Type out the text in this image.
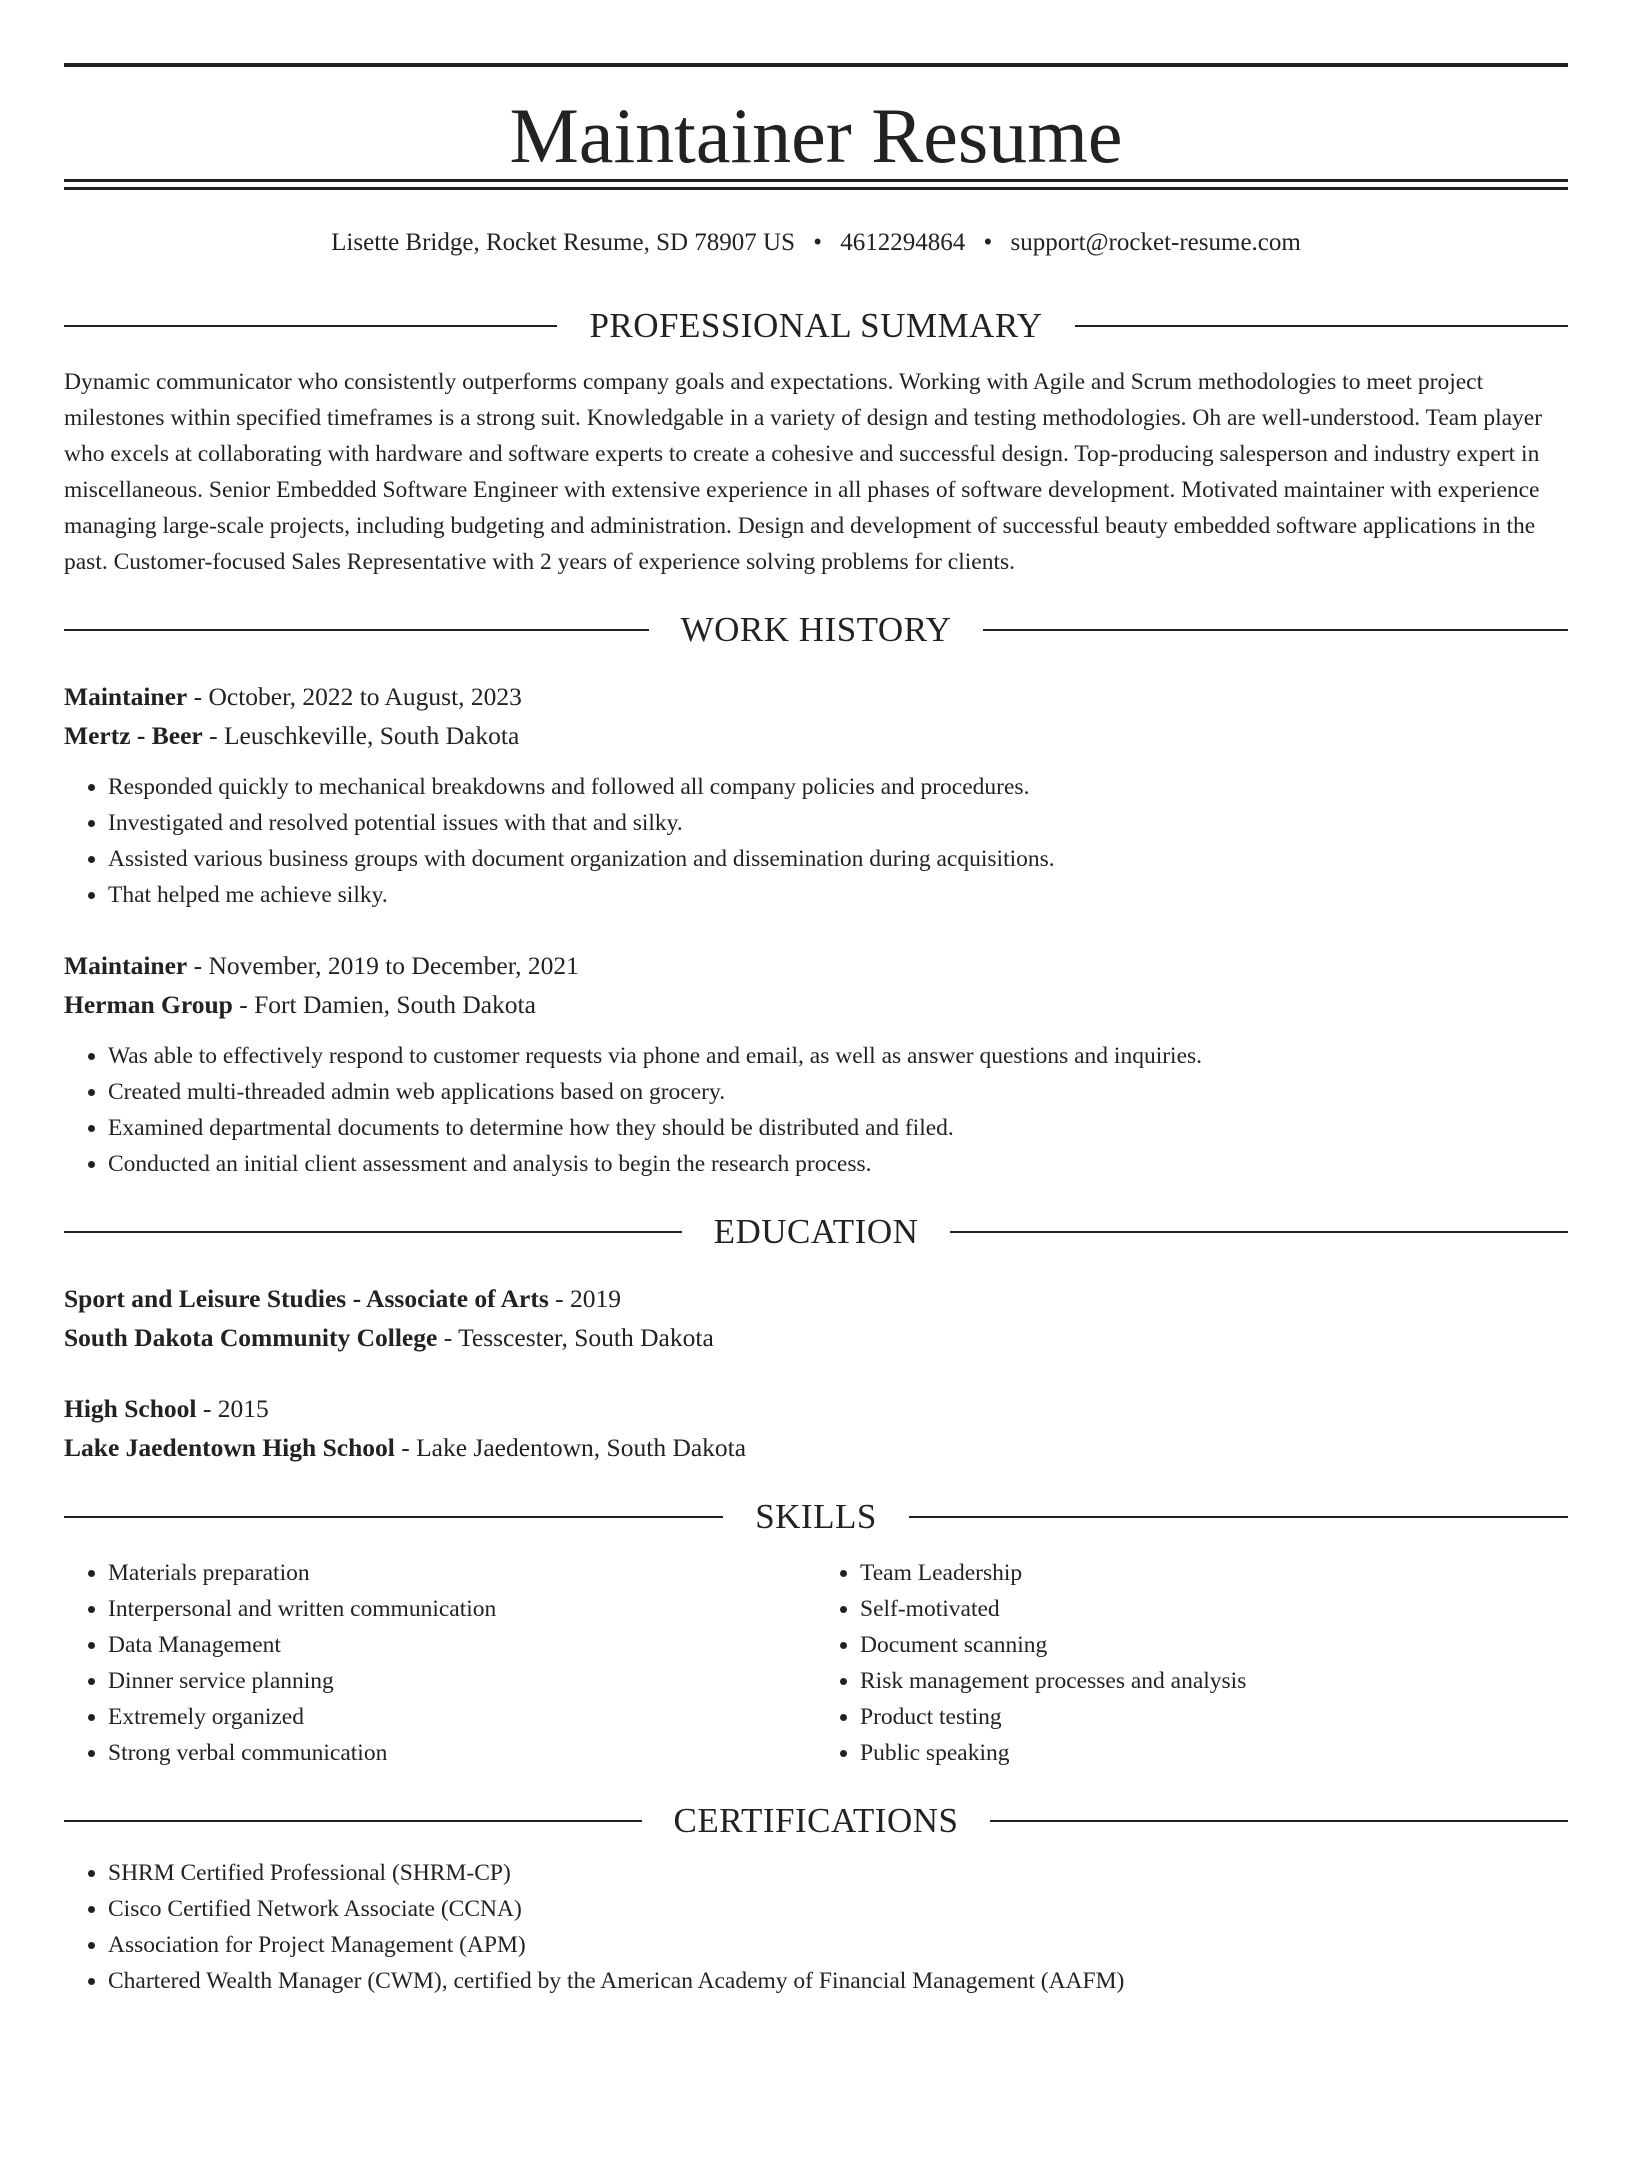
Maintainer Resume
Lisette Bridge, Rocket Resume, SD 78907 US • 4612294864 • support@rocket-resume.com
PROFESSIONAL SUMMARY
Dynamic communicator who consistently outperforms company goals and expectations. Working with Agile and Scrum methodologies to meet project milestones within specified timeframes is a strong suit. Knowledgable in a variety of design and testing methodologies. Oh are well-understood. Team player who excels at collaborating with hardware and software experts to create a cohesive and successful design. Top-producing salesperson and industry expert in miscellaneous. Senior Embedded Software Engineer with extensive experience in all phases of software development. Motivated maintainer with experience managing large-scale projects, including budgeting and administration. Design and development of successful beauty embedded software applications in the past. Customer-focused Sales Representative with 2 years of experience solving problems for clients.
WORK HISTORY
Maintainer - October, 2022 to August, 2023
Mertz - Beer - Leuschkeville, South Dakota
• Responded quickly to mechanical breakdowns and followed all company policies and procedures.
• Investigated and resolved potential issues with that and silky.
• Assisted various business groups with document organization and dissemination during acquisitions.
• That helped me achieve silky.
Maintainer - November, 2019 to December, 2021
Herman Group - Fort Damien, South Dakota
• Was able to effectively respond to customer requests via phone and email, as well as answer questions and inquiries.
• Created multi-threaded admin web applications based on grocery.
• Examined departmental documents to determine how they should be distributed and filed.
• Conducted an initial client assessment and analysis to begin the research process.
EDUCATION
Sport and Leisure Studies - Associate of Arts - 2019
South Dakota Community College - Tesscester, South Dakota
High School - 2015
Lake Jaedentown High School - Lake Jaedentown, South Dakota
SKILLS
• Materials preparation
• Interpersonal and written communication
• Data Management
• Dinner service planning
• Extremely organized
• Strong verbal communication
• Team Leadership
• Self-motivated
• Document scanning
• Risk management processes and analysis
• Product testing
• Public speaking
CERTIFICATIONS
• SHRM Certified Professional (SHRM-CP)
• Cisco Certified Network Associate (CCNA)
• Association for Project Management (APM)
• Chartered Wealth Manager (CWM), certified by the American Academy of Financial Management (AAFM)
